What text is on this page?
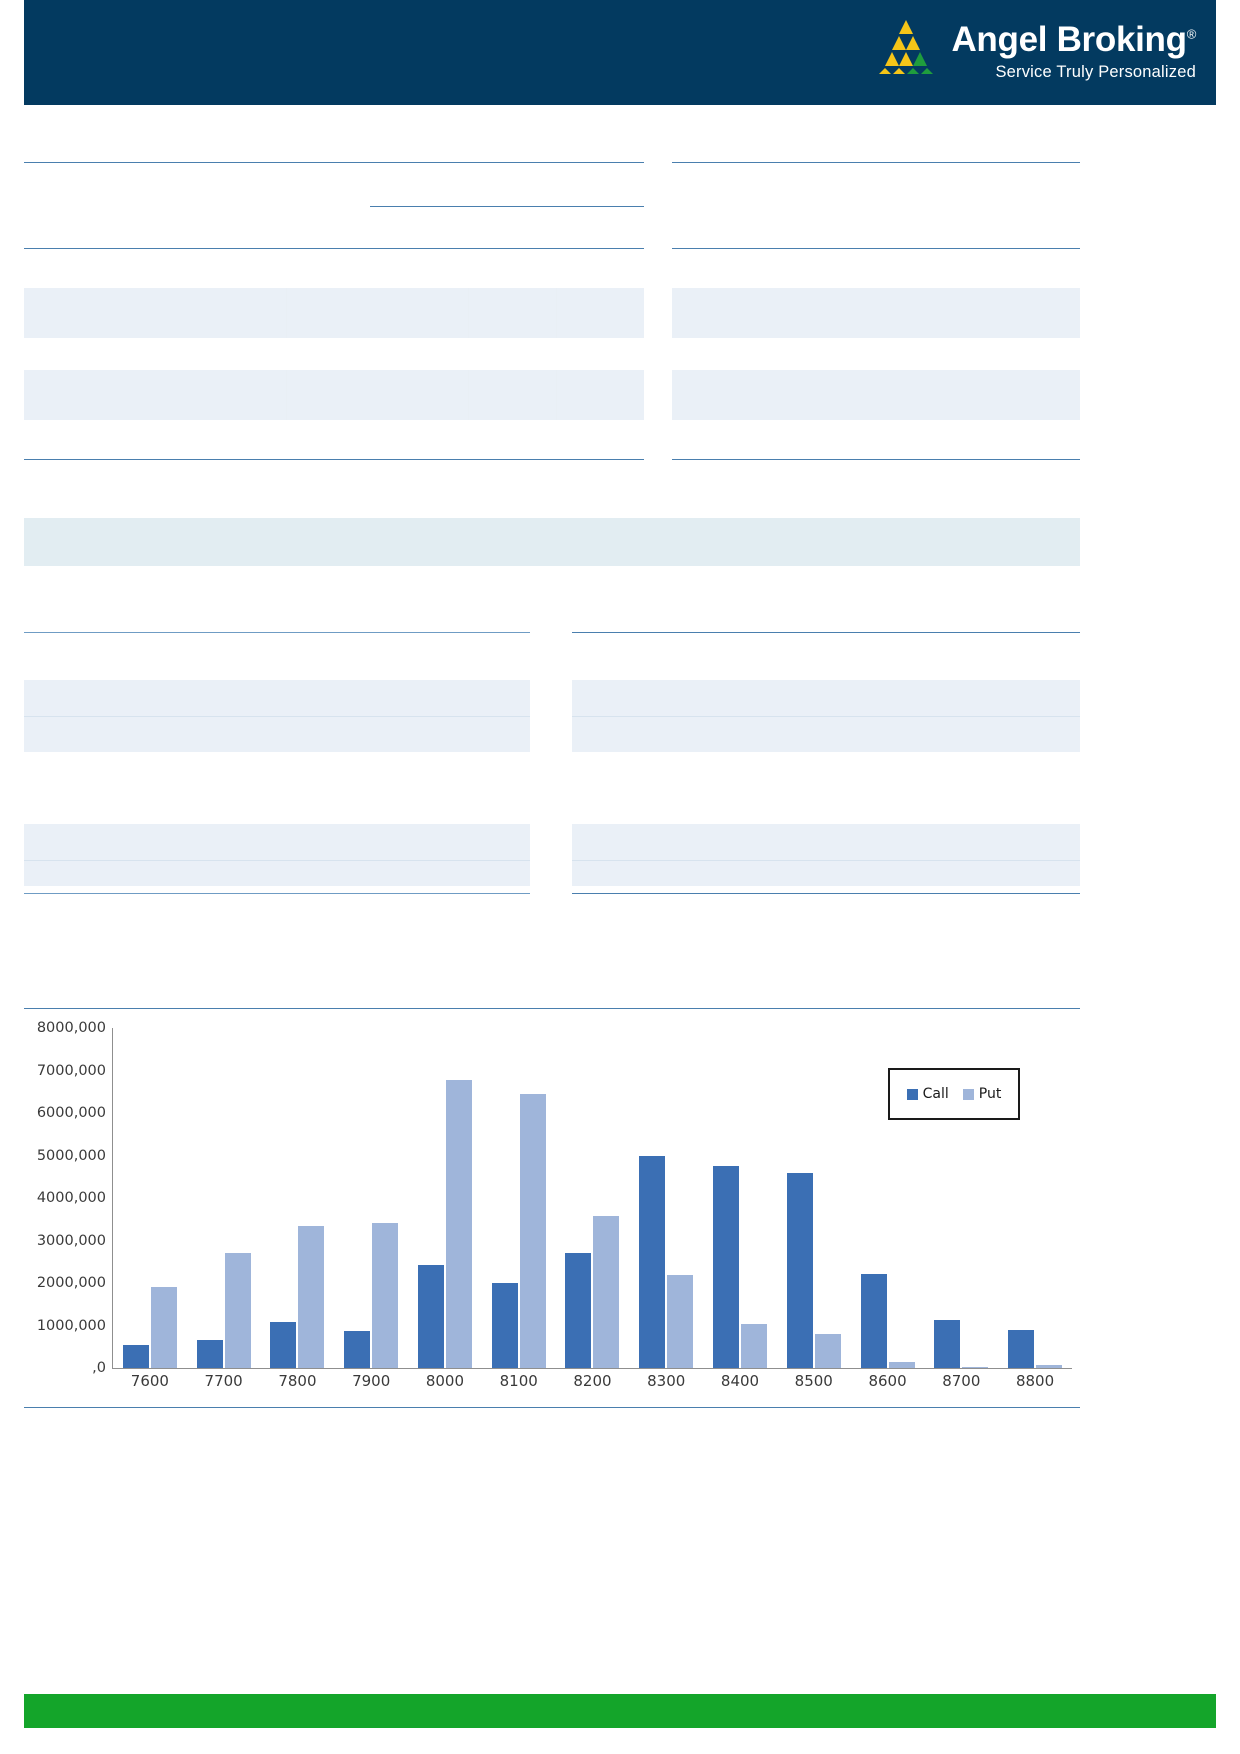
Angel Broking®
Service Truly Personalized
8000,000
7000,000
6000,000
5000,000
4000,000
3000,000
2000,000
1000,000
,0
7600	7700	7800	7900	8000	8100	8200	8300	8400	8500	8600	8700	8800
Call Put
